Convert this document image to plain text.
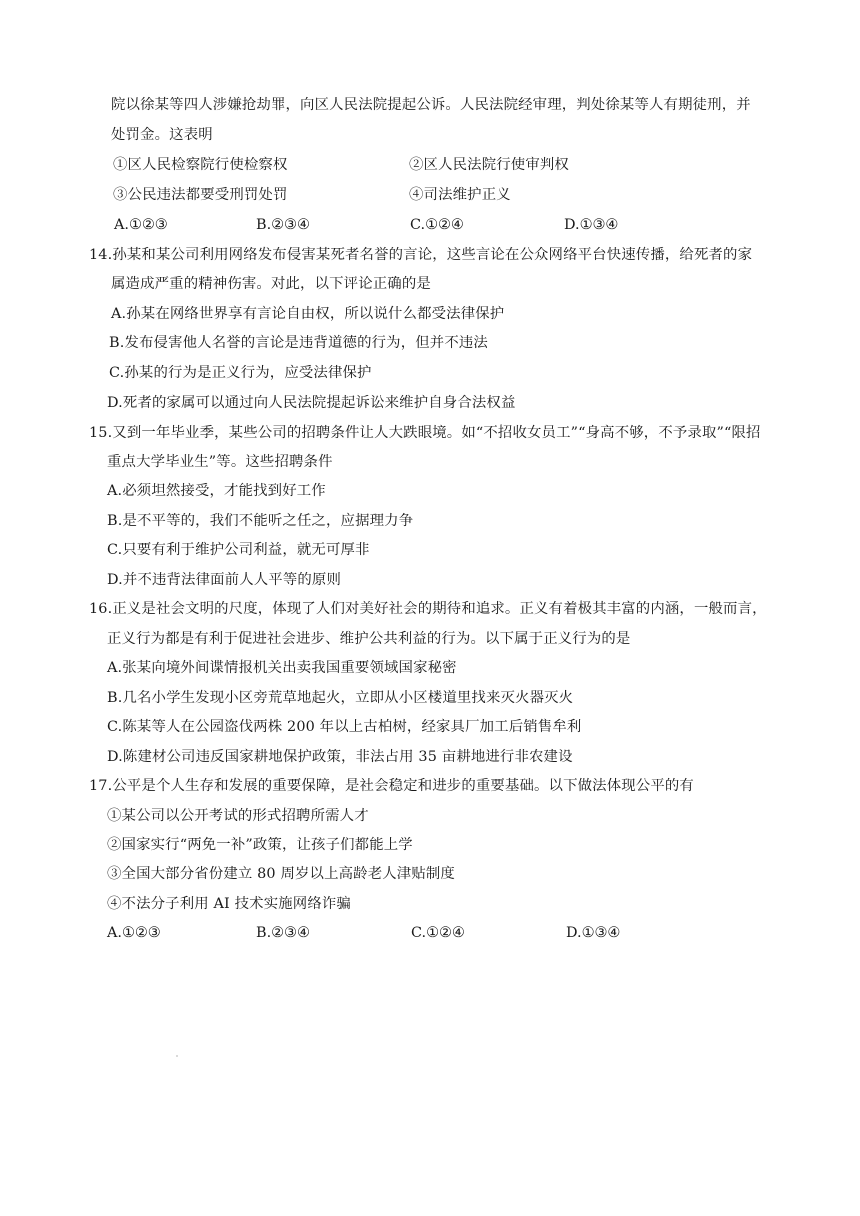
院以徐某等四人涉嫌抢劫罪，向区人民法院提起公诉。人民法院经审理，判处徐某等人有期徒刑，并
处罚金。这表明
①区人民检察院行使检察权	②区人民法院行使审判权
③公民违法都要受刑罚处罚	④司法维护正义
A.①②③	B.②③④	C.①②④	D.①③④
14.孙某和某公司利用网络发布侵害某死者名誉的言论，这些言论在公众网络平台快速传播，给死者的家
属造成严重的精神伤害。对此，以下评论正确的是
A.孙某在网络世界享有言论自由权，所以说什么都受法律保护
B.发布侵害他人名誉的言论是违背道德的行为，但并不违法
C.孙某的行为是正义行为，应受法律保护
D.死者的家属可以通过向人民法院提起诉讼来维护自身合法权益
15.又到一年毕业季，某些公司的招聘条件让人大跌眼境。如“不招收女员工”“身高不够，不予录取”“限招
重点大学毕业生”等。这些招聘条件
A.必须坦然接受，才能找到好工作
B.是不平等的，我们不能听之任之，应据理力争
C.只要有利于维护公司利益，就无可厚非
D.并不违背法律面前人人平等的原则
16.正义是社会文明的尺度，体现了人们对美好社会的期待和追求。正义有着极其丰富的内涵，一般而言，
正义行为都是有利于促进社会进步、维护公共利益的行为。以下属于正义行为的是
A.张某向境外间谍情报机关出卖我国重要领域国家秘密
B.几名小学生发现小区旁荒草地起火，立即从小区楼道里找来灭火器灭火
C.陈某等人在公园盗伐两株 200 年以上古柏树，经家具厂加工后销售牟利
D.陈建材公司违反国家耕地保护政策，非法占用 35 亩耕地进行非农建设
17.公平是个人生存和发展的重要保障，是社会稳定和进步的重要基础。以下做法体现公平的有
①某公司以公开考试的形式招聘所需人才
②国家实行“两免一补”政策，让孩子们都能上学
③全国大部分省份建立 80 周岁以上高龄老人津贴制度
④不法分子利用 AI 技术实施网络诈骗
A.①②③	B.②③④	C.①②④	D.①③④
